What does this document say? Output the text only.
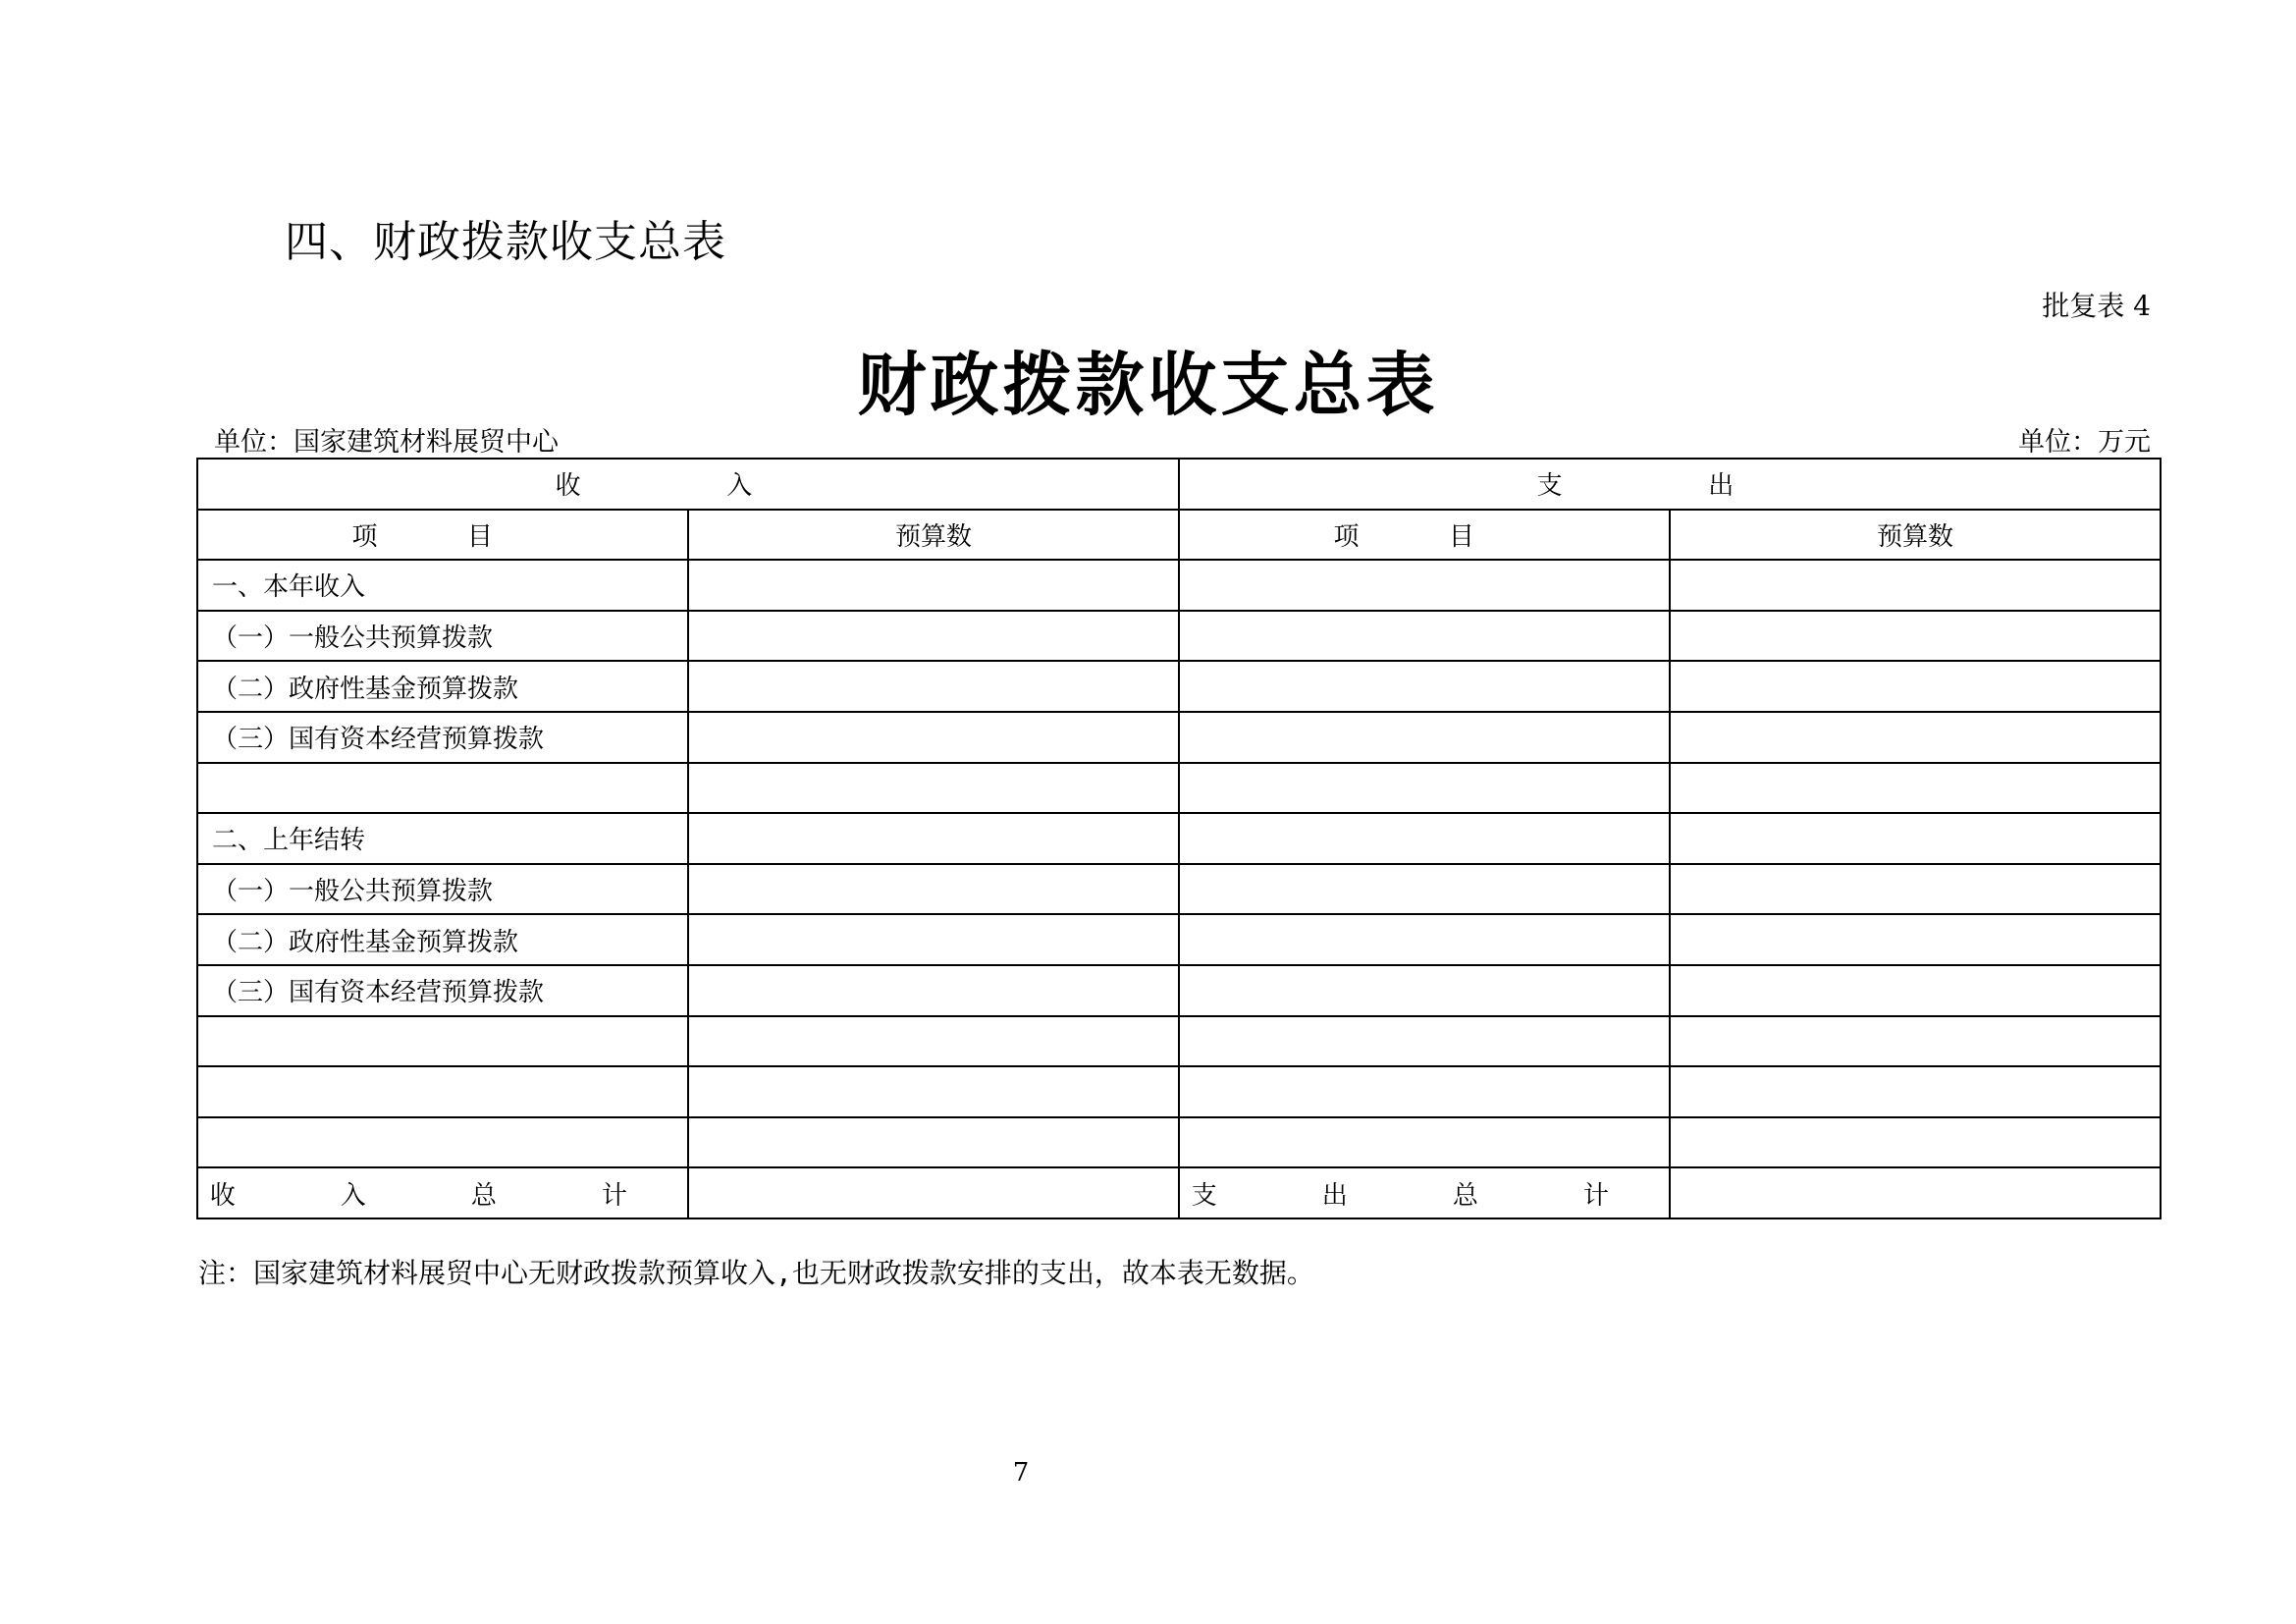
四、财政拨款收支总表
批复表 4
财政拨款收支总表
单位：国家建筑材料展贸中心	单位：万元
收 入		支 出	
项 目	预算数	项 目	预算数
一、本年收入			
（一）一般公共预算拨款			
（二）政府性基金预算拨款			
（三）国有资本经营预算拨款			

二、上年结转			
（一）一般公共预算拨款			
（二）政府性基金预算拨款			
（三）国有资本经营预算拨款			

收 入 总 计		支 出 总 计	
注：国家建筑材料展贸中心无财政拨款预算收入,也无财政拨款安排的支出，故本表无数据。
7
